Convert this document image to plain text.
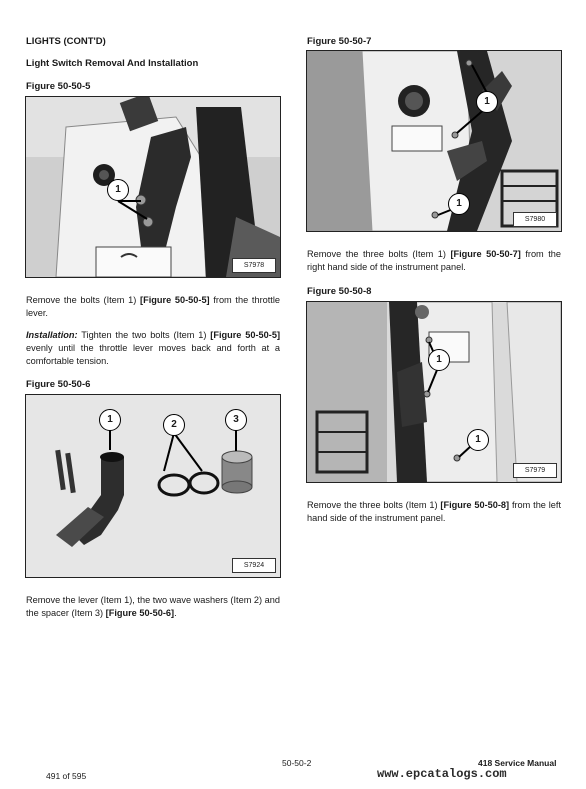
LIGHTS (CONT'D)
Light Switch Removal And Installation
Figure 50-50-5
1
S7978
Remove the bolts (Item 1) [Figure 50-50-5] from the throttle lever.
Installation: Tighten the two bolts (Item 1) [Figure 50-50-5] evenly until the throttle lever moves back and forth at a comfortable tension.
Figure 50-50-6
1	2	3
S7924
Remove the lever (Item 1), the two wave washers (Item 2) and the spacer (Item 3) [Figure 50-50-6].
Figure 50-50-7
1
1
S7980
Remove the three bolts (Item 1) [Figure 50-50-7] from the right hand side of the instrument panel.
Figure 50-50-8
1
1
S7979
Remove the three bolts (Item 1) [Figure 50-50-8] from the left hand side of the instrument panel.
50-50-2	418 Service Manual
491 of 595	www.epcatalogs.com
